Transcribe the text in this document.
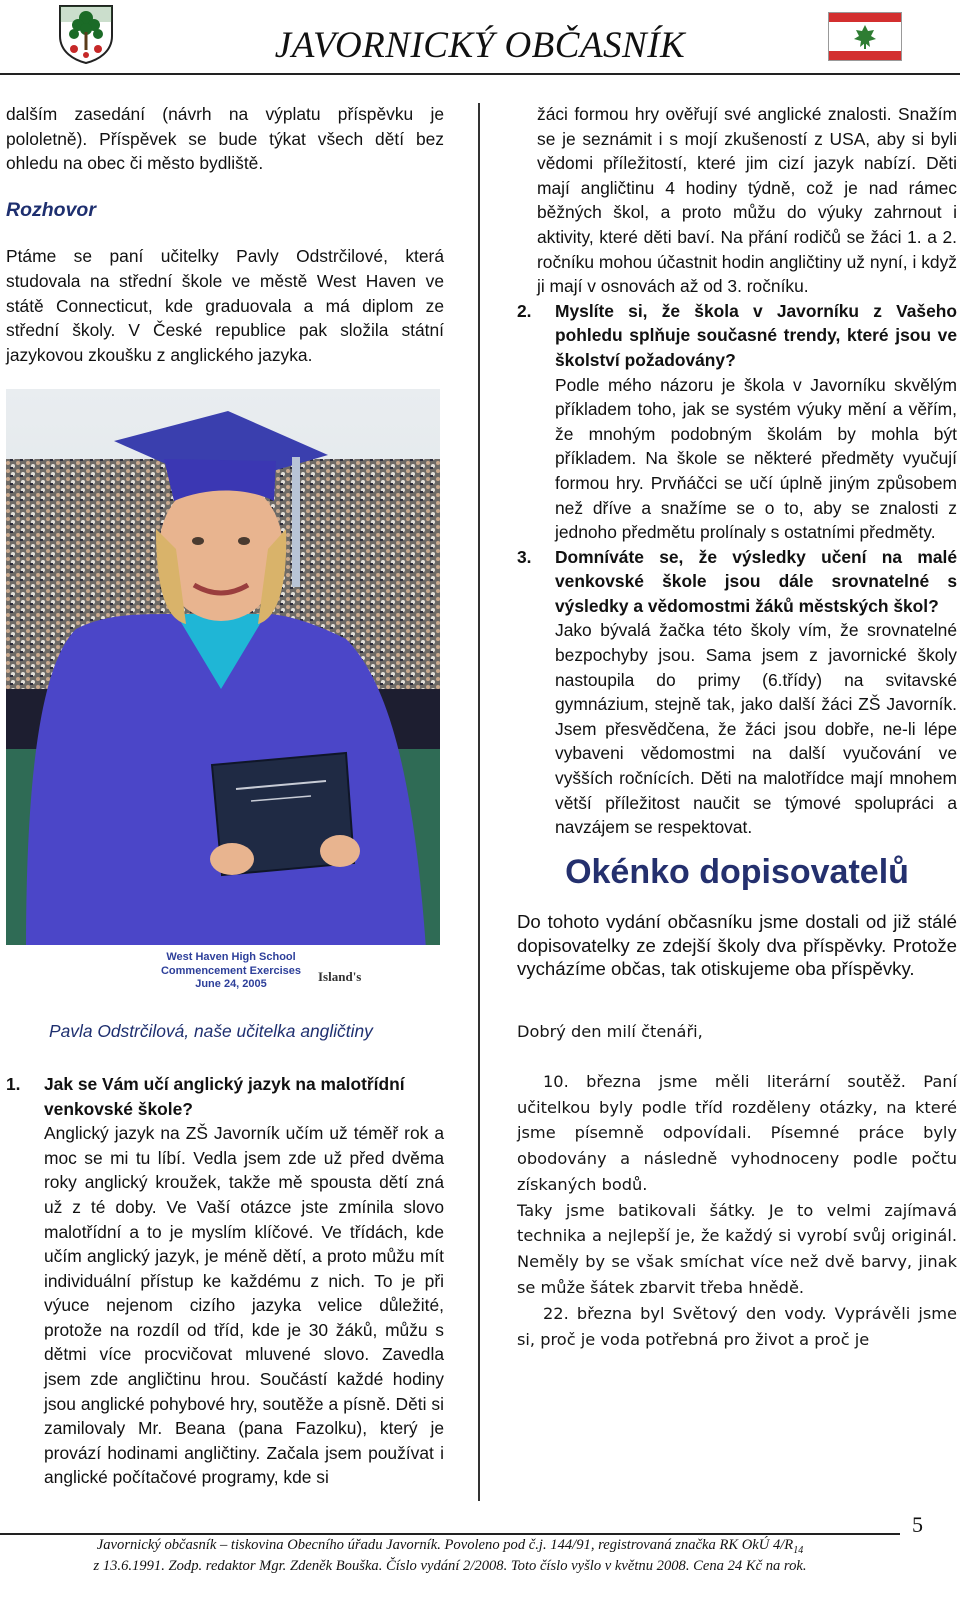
JAVORNICKÝ OBČASNÍK

dalším zasedání (návrh na výplatu příspěvku je pololetně). Příspěvek se bude týkat všech dětí bez ohledu na obec či město bydliště.

Rozhovor

Ptáme se paní učitelky Pavly Odstrčilové, která studovala na střední škole ve městě West Haven ve státě Connecticut, kde graduovala a má diplom ze střední školy. V České republice pak složila státní jazykovou zkoušku z anglického jazyka.

West Haven High School
Commencement Exercises
June 24, 2005	Island's

Pavla Odstrčilová, naše učitelka angličtiny

1.	Jak se Vám učí anglický jazyk na malotřídní venkovské škole?

Anglický jazyk na ZŠ Javorník učím už téměř rok a moc se mi tu líbí. Vedla jsem zde už před dvěma roky anglický kroužek, takže mě spousta dětí zná už z té doby. Ve Vaší otázce jste zmínila slovo malotřídní a to je myslím klíčové. Ve třídách, kde učím anglický jazyk, je méně dětí, a proto můžu mít individuální přístup ke každému z nich. To je při výuce nejenom cizího jazyka velice důležité, protože na rozdíl od tříd, kde je 30 žáků, můžu s dětmi více procvičovat mluvené slovo. Zavedla jsem zde angličtinu hrou. Součástí každé hodiny jsou anglické pohybové hry, soutěže a písně. Děti si zamilovaly Mr. Beana (pana Fazolku), který je provází hodinami angličtiny. Začala jsem používat i anglické počítačové programy, kde si

žáci formou hry ověřují své anglické znalosti. Snažím se je seznámit i s mojí zkušeností z USA, aby si byli vědomi příležitostí, které jim cizí jazyk nabízí. Děti mají angličtinu 4 hodiny týdně, což je nad rámec běžných škol, a proto můžu do výuky zahrnout i aktivity, které děti baví. Na přání rodičů se žáci 1. a 2. ročníku mohou účastnit hodin angličtiny už nyní, i když ji mají v osnovách až od 3. ročníku.

2.	Myslíte si, že škola v Javorníku z Vašeho pohledu splňuje současné trendy, které jsou ve školství požadovány?

Podle mého názoru je škola v Javorníku skvělým příkladem toho, jak se systém výuky mění a věřím, že mnohým podobným školám by mohla být příkladem. Na škole se některé předměty vyučují formou hry. Prvňáčci se učí úplně jiným způsobem než dříve a snažíme se o to, aby se znalosti z jednoho předmětu prolínaly s ostatními předměty.

3.	Domníváte se, že výsledky učení na malé venkovské škole jsou dále srovnatelné s výsledky a vědomostmi žáků městských škol?

Jako bývalá žačka této školy vím, že srovnatelné bezpochyby jsou. Sama jsem z javornické školy nastoupila do primy (6.třídy) na svitavské gymnázium, stejně tak, jako další žáci ZŠ Javorník. Jsem přesvědčena, že žáci jsou dobře, ne-li lépe vybaveni vědomostmi na další vyučování ve vyšších ročnících. Děti na malotřídce mají mnohem větší příležitost naučit se týmové spolupráci a navzájem se respektovat.

Okénko dopisovatelů

Do tohoto vydání občasníku jsme dostali od již stálé dopisovatelky ze zdejší školy dva příspěvky. Protože vycházíme občas, tak otiskujeme oba příspěvky.

Dobrý den milí čtenáři,

10. března jsme měli literární soutěž. Paní učitelkou byly podle tříd rozděleny otázky, na které jsme písemně odpovídali. Písemné práce byly obodovány a následně vyhodnoceny podle počtu získaných bodů.

Taky jsme batikovali šátky. Je to velmi zajímavá technika a nejlepší je, že každý si vyrobí svůj originál. Neměly by se však smíchat více než dvě barvy, jinak se může šátek zbarvit třeba hnědě.

22. března byl Světový den vody. Vyprávěli jsme si, proč je voda potřebná pro život a proč je

5
Javornický občasník – tiskovina Obecního úřadu Javorník. Povoleno pod č.j. 144/91, registrovaná značka RK OkÚ $4/R_{14}$
z 13.6.1991. Zodp. redaktor Mgr. Zdeněk Bouška. Číslo vydání 2/2008. Toto číslo vyšlo v květnu 2008. Cena 24 Kč na rok.
